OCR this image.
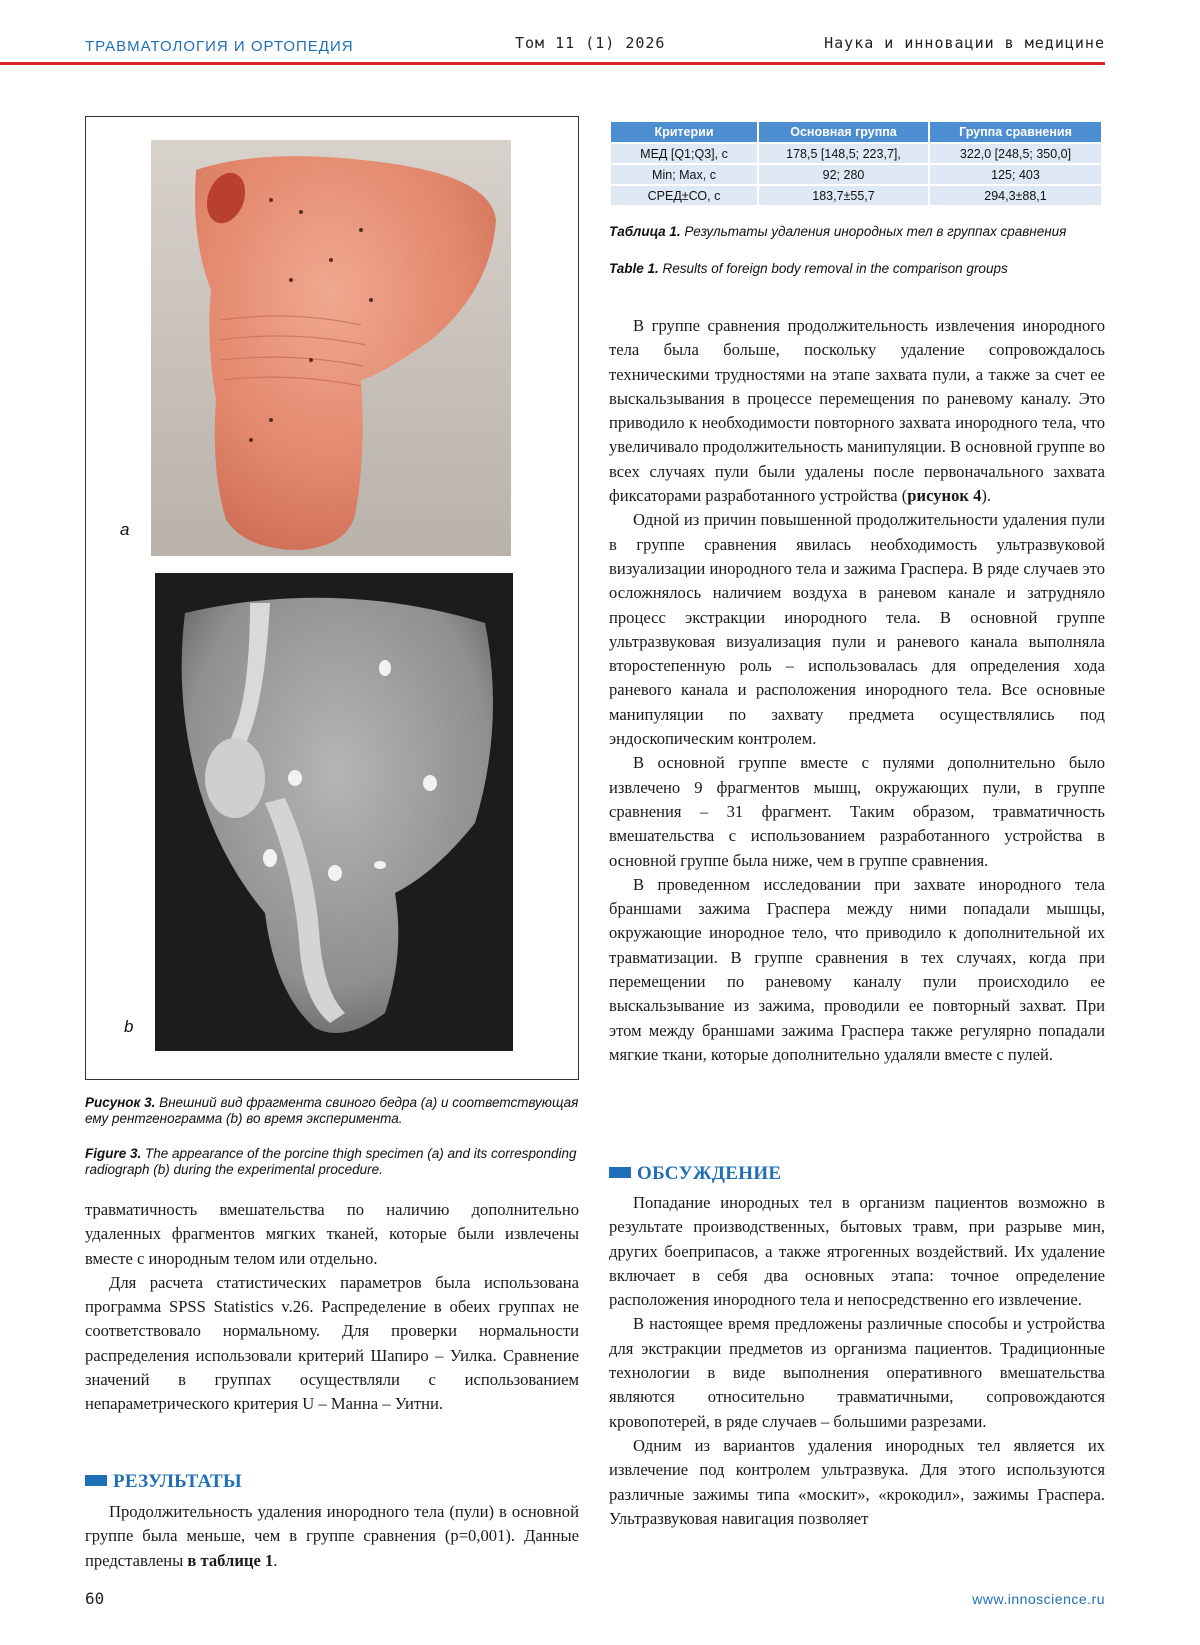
ТРАВМАТОЛОГИЯ И ОРТОПЕДИЯ	Том 11 (1) 2026	Наука и инновации в медицине
a
b
Рисунок 3. Внешний вид фрагмента свиного бедра (a) и соответствующая ему рентгенограмма (b) во время эксперимента.
Figure 3. The appearance of the porcine thigh specimen (a) and its corresponding radiograph (b) during the experimental procedure.
Критерии	Основная группа	Группа сравнения
МЕД [Q1;Q3], с	178,5 [148,5; 223,7],	322,0 [248,5; 350,0]
Min; Max, с	92; 280	125; 403
СРЕД±СО, с	183,7±55,7	294,3±88,1
Таблица 1. Результаты удаления инородных тел в группах сравнения
Table 1. Results of foreign body removal in the comparison groups

травматичность вмешательства по наличию дополнительно удаленных фрагментов мягких тканей, которые были извлечены вместе с инородным телом или отдельно.

Для расчета статистических параметров была использована программа SPSS Statistics v.26. Распределение в обеих группах не соответствовало нормальному. Для проверки нормальности распределения использовали критерий Шапиро – Уилка. Сравнение значений в группах осуществляли с использованием непараметрического критерия U – Манна – Уитни.

РЕЗУЛЬТАТЫ

Продолжительность удаления инородного тела (пули) в основной группе была меньше, чем в группе сравнения (p=0,001). Данные представлены в таблице 1.

В группе сравнения продолжительность извлечения инородного тела была больше, поскольку удаление сопровождалось техническими трудностями на этапе захвата пули, а также за счет ее выскальзывания в процессе перемещения по раневому каналу. Это приводило к необходимости повторного захвата инородного тела, что увеличивало продолжительность манипуляции. В основной группе во всех случаях пули были удалены после первоначального захвата фиксаторами разработанного устройства (рисунок 4).

Одной из причин повышенной продолжительности удаления пули в группе сравнения явилась необходимость ультразвуковой визуализации инородного тела и зажима Граспера. В ряде случаев это осложнялось наличием воздуха в раневом канале и затрудняло процесс экстракции инородного тела. В основной группе ультразвуковая визуализация пули и раневого канала выполняла второстепенную роль – использовалась для определения хода раневого канала и расположения инородного тела. Все основные манипуляции по захвату предмета осуществлялись под эндоскопическим контролем.

В основной группе вместе с пулями дополнительно было извлечено 9 фрагментов мышц, окружающих пули, в группе сравнения – 31 фрагмент. Таким образом, травматичность вмешательства с использованием разработанного устройства в основной группе была ниже, чем в группе сравнения.

В проведенном исследовании при захвате инородного тела браншами зажима Граспера между ними попадали мышцы, окружающие инородное тело, что приводило к дополнительной их травматизации. В группе сравнения в тех случаях, когда при перемещении по раневому каналу пули происходило ее выскальзывание из зажима, проводили ее повторный захват. При этом между браншами зажима Граспера также регулярно попадали мягкие ткани, которые дополнительно удаляли вместе с пулей.

ОБСУЖДЕНИЕ

Попадание инородных тел в организм пациентов возможно в результате производственных, бытовых травм, при разрыве мин, других боеприпасов, а также ятрогенных воздействий. Их удаление включает в себя два основных этапа: точное определение расположения инородного тела и непосредственно его извлечение.

В настоящее время предложены различные способы и устройства для экстракции предметов из организма пациентов. Традиционные технологии в виде выполнения оперативного вмешательства являются относительно травматичными, сопровождаются кровопотерей, в ряде случаев – большими разрезами.

Одним из вариантов удаления инородных тел является их извлечение под контролем ультразвука. Для этого используются различные зажимы типа «москит», «крокодил», зажимы Граспера. Ультразвуковая навигация позволяет

60	www.innoscience.ru
